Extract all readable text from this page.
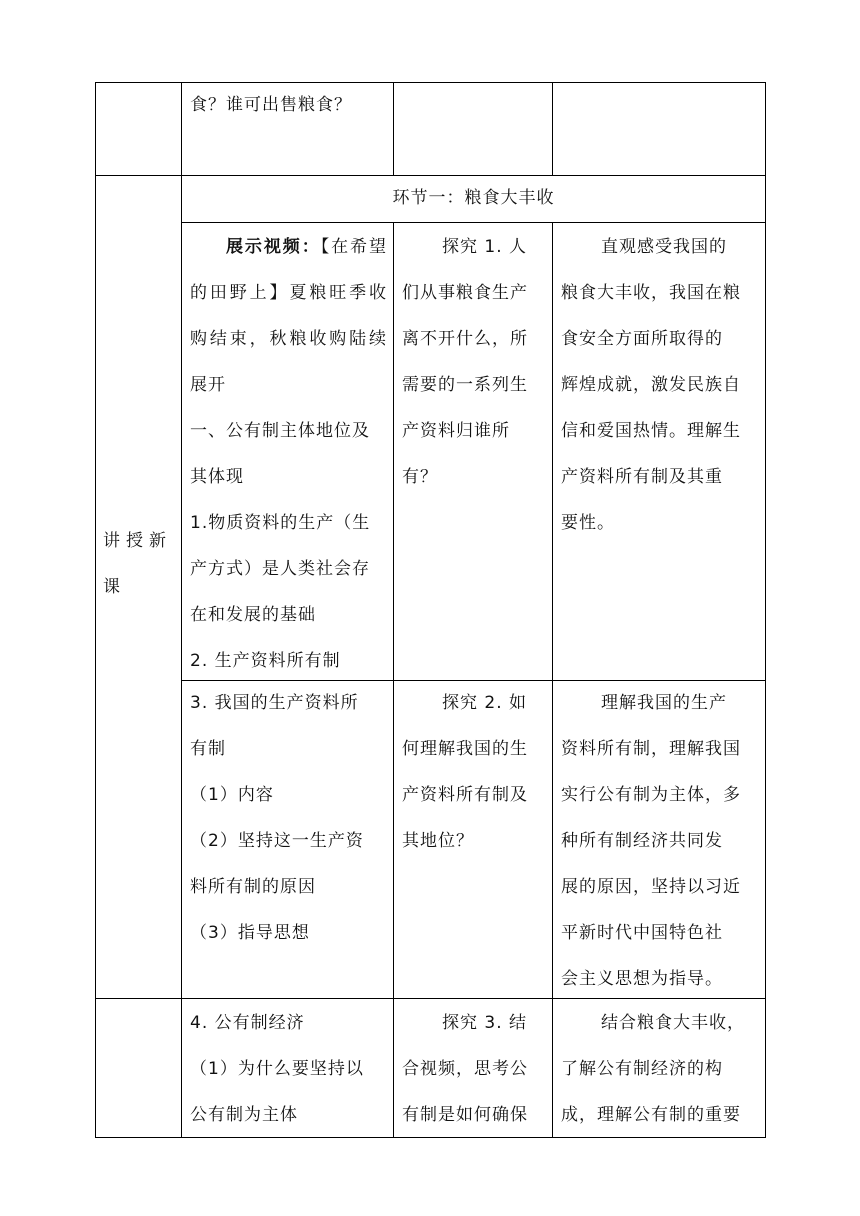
食？谁可出售粮食？

讲授新

课

环节一：粮食大丰收

展示视频：【在希望的田野上】夏粮旺季收购结束，秋粮收购陆续展开

一、公有制主体地位及

其体现

1.物质资料的生产（生

产方式）是人类社会存

在和发展的基础

2. 生产资料所有制

探究 1. 人

们从事粮食生产

离不开什么，所

需要的一系列生

产资料归谁所

有？

直观感受我国的

粮食大丰收，我国在粮

食安全方面所取得的

辉煌成就，激发民族自

信和爱国热情。理解生

产资料所有制及其重

要性。

3. 我国的生产资料所

有制

（1）内容

（2）坚持这一生产资

料所有制的原因

（3）指导思想

探究 2. 如

何理解我国的生

产资料所有制及

其地位？

理解我国的生产

资料所有制，理解我国

实行公有制为主体，多

种所有制经济共同发

展的原因，坚持以习近

平新时代中国特色社

会主义思想为指导。

4. 公有制经济

（1）为什么要坚持以

公有制为主体

探究 3. 结

合视频，思考公

有制是如何确保

结合粮食大丰收，

了解公有制经济的构

成，理解公有制的重要
